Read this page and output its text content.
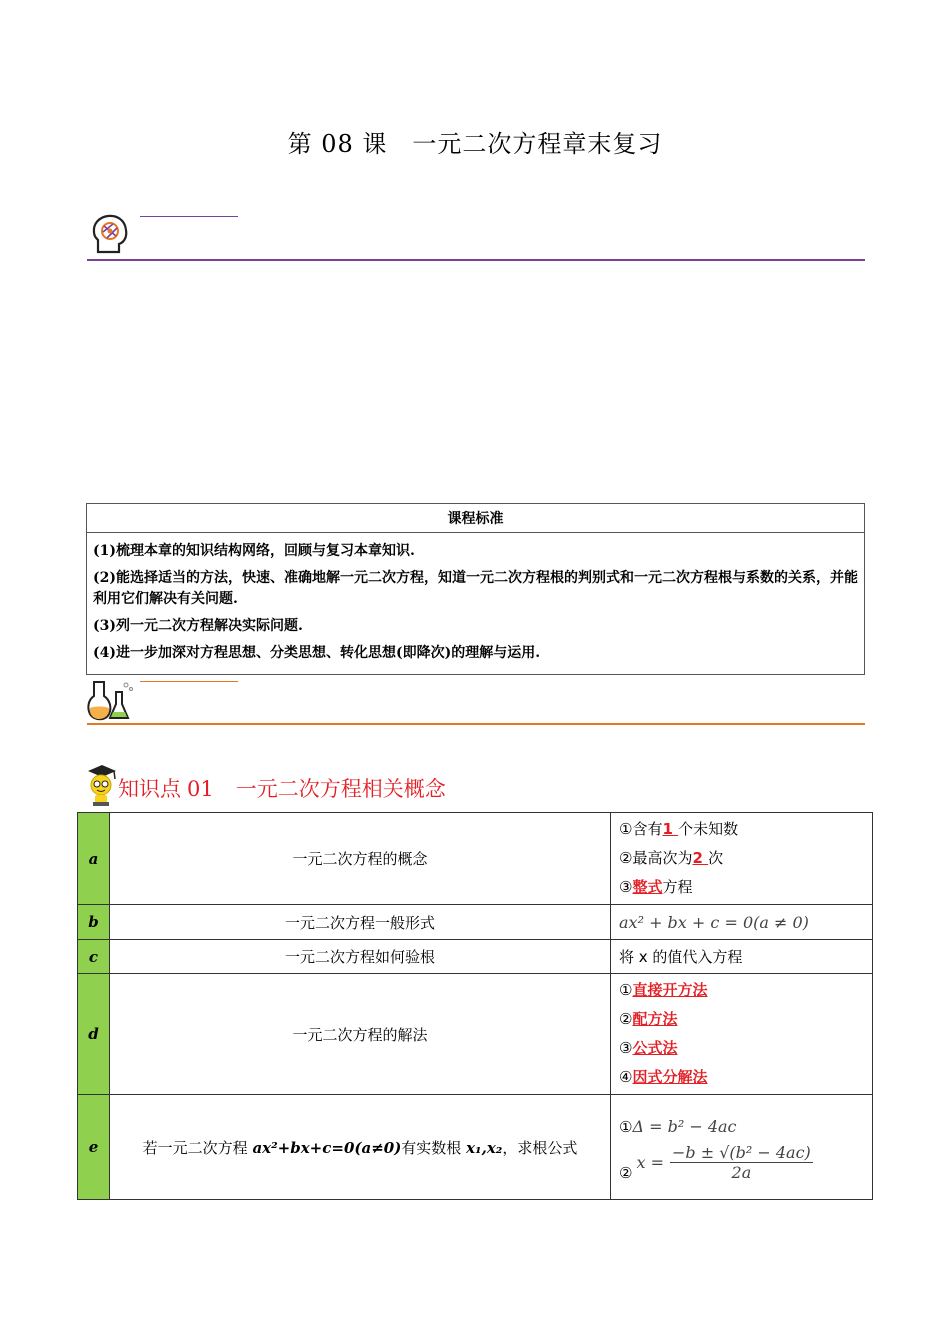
第 08 课　一元二次方程章末复习
课程标准

(1)梳理本章的知识结构网络，回顾与复习本章知识.

(2)能选择适当的方法，快速、准确地解一元二次方程，知道一元二次方程根的判别式和一元二次方程根与系数的关系，并能利用它们解决有关问题.

(3)列一元二次方程解决实际问题.

(4)进一步加深对方程思想、分类思想、转化思想(即降次)的理解与运用.

知识点 01 一元二次方程相关概念
a	一元二次方程的概念	①含有1 个未知数
②最高次为2 次
③整式方程

b	一元二次方程一般形式	ax² + bx + c = 0(a ≠ 0)
c	一元二次方程如何验根	将 x 的值代入方程
d	一元二次方程的解法	①直接开方法
②配方法
③公式法
④因式分解法

e	若一元二次方程 ax²+bx+c=0(a≠0)有实数根 x₁,x₂，求根公式	①Δ = b² − 4ac
②
$x = \frac{\text{−b ± √(b² − 4ac)}}{2a}$
